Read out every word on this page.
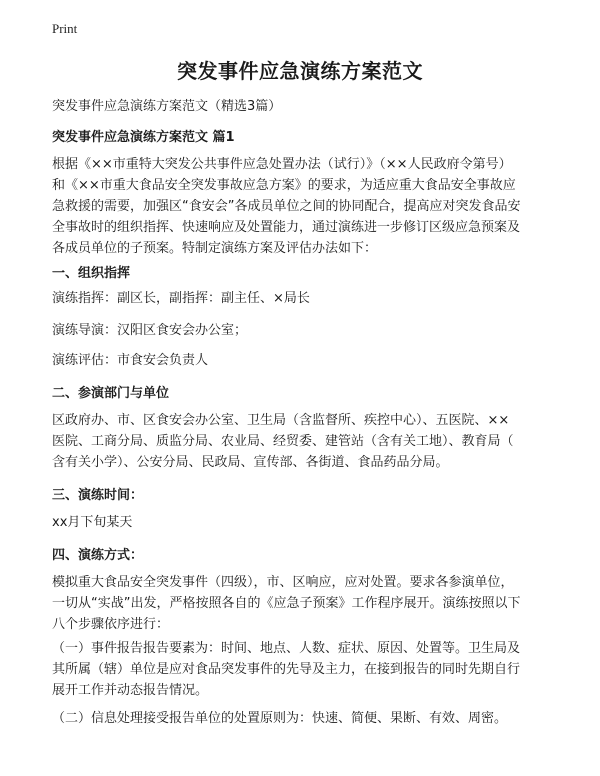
Print
突发事件应急演练方案范文
突发事件应急演练方案范文（精选3篇）
突发事件应急演练方案范文 篇1
根据《××市重特大突发公共事件应急处置办法（试行）》（××人民政府令第号）
和《××市重大食品安全突发事故应急方案》的要求，为适应重大食品安全事故应
急救援的需要，加强区“食安会”各成员单位之间的协同配合，提高应对突发食品安
全事故时的组织指挥、快速响应及处置能力，通过演练进一步修订区级应急预案及
各成员单位的子预案。特制定演练方案及评估办法如下：
一、组织指挥
演练指挥：副区长，副指挥：副主任、×局长
演练导演：汉阳区食安会办公室；
演练评估：市食安会负责人
二、参演部门与单位
区政府办、市、区食安会办公室、卫生局（含监督所、疾控中心）、五医院、××
医院、工商分局、质监分局、农业局、经贸委、建管站（含有关工地）、教育局（
含有关小学）、公安分局、民政局、宣传部、各街道、食品药品分局。
三、演练时间：
xx月下旬某天
四、演练方式：
模拟重大食品安全突发事件（四级），市、区响应，应对处置。要求各参演单位，
一切从“实战”出发，严格按照各自的《应急子预案》工作程序展开。演练按照以下
八个步骤依序进行：
（一）事件报告报告要素为：时间、地点、人数、症状、原因、处置等。卫生局及
其所属（辖）单位是应对食品突发事件的先导及主力，在接到报告的同时先期自行
展开工作并动态报告情况。
（二）信息处理接受报告单位的处置原则为：快速、简便、果断、有效、周密。
